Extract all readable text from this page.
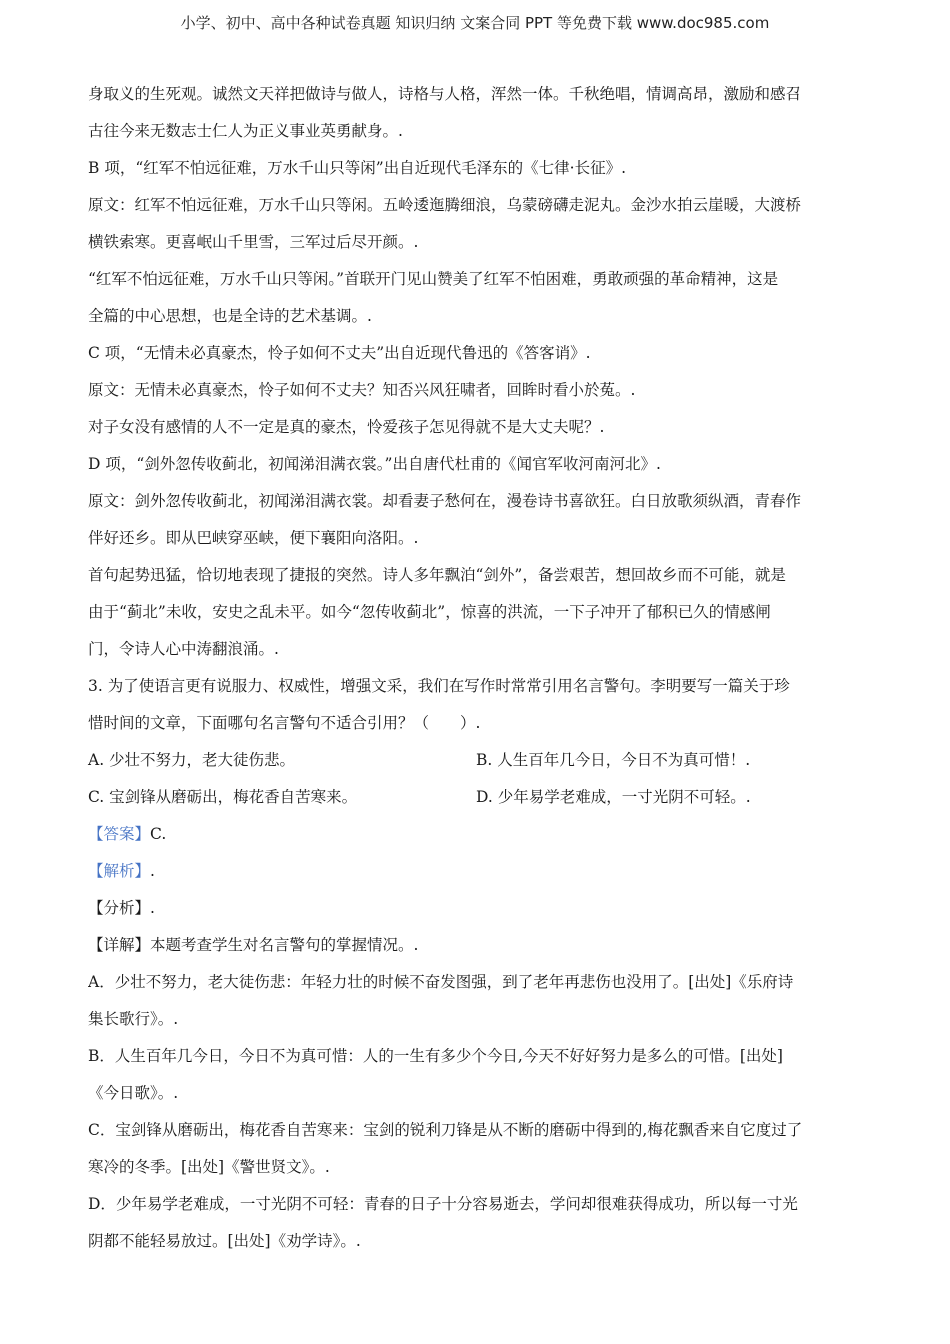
小学、初中、高中各种试卷真题 知识归纳 文案合同 PPT 等免费下载 www.doc985.com

身取义的生死观。诚然文天祥把做诗与做人，诗格与人格，浑然一体。千秋绝唱，情调高昂，激励和感召

古往今来无数志士仁人为正义事业英勇献身。.

B 项，“红军不怕远征难，万水千山只等闲”出自近现代毛泽东的《七律·长征》.

原文：红军不怕远征难，万水千山只等闲。五岭逶迤腾细浪，乌蒙磅礴走泥丸。金沙水拍云崖暖，大渡桥

横铁索寒。更喜岷山千里雪，三军过后尽开颜。.

“红军不怕远征难，万水千山只等闲。”首联开门见山赞美了红军不怕困难，勇敢顽强的革命精神，这是

全篇的中心思想，也是全诗的艺术基调。.

C 项，“无情未必真豪杰，怜子如何不丈夫”出自近现代鲁迅的《答客诮》.

原文：无情未必真豪杰，怜子如何不丈夫？知否兴风狂啸者，回眸时看小於菟。.

对子女没有感情的人不一定是真的豪杰，怜爱孩子怎见得就不是大丈夫呢？.

D 项，“剑外忽传收蓟北，初闻涕泪满衣裳。”出自唐代杜甫的《闻官军收河南河北》.

原文：剑外忽传收蓟北，初闻涕泪满衣裳。却看妻子愁何在，漫卷诗书喜欲狂。白日放歌须纵酒，青春作

伴好还乡。即从巴峡穿巫峡，便下襄阳向洛阳。.

首句起势迅猛，恰切地表现了捷报的突然。诗人多年飘泊“剑外”，备尝艰苦，想回故乡而不可能，就是

由于“蓟北”未收，安史之乱未平。如今“忽传收蓟北”，惊喜的洪流，一下子冲开了郁积已久的情感闸

门，令诗人心中涛翻浪涌。.

3. 为了使语言更有说服力、权威性，增强文采，我们在写作时常常引用名言警句。李明要写一篇关于珍

惜时间的文章，下面哪句名言警句不适合引用？（　　）.

A. 少壮不努力，老大徒伤悲。	B. 人生百年几今日，今日不为真可惜！.
C. 宝剑锋从磨砺出，梅花香自苦寒来。	D. 少年易学老难成，一寸光阴不可轻。.

【答案】C.

【解析】.

【分析】.

【详解】本题考查学生对名言警句的掌握情况。.

A．少壮不努力，老大徒伤悲：年轻力壮的时候不奋发图强，到了老年再悲伤也没用了。[出处]《乐府诗

集长歌行》。.

B．人生百年几今日，今日不为真可惜：人的一生有多少个今日,今天不好好努力是多么的可惜。[出处]

《今日歌》。.

C．宝剑锋从磨砺出，梅花香自苦寒来：宝剑的锐利刀锋是从不断的磨砺中得到的,梅花飘香来自它度过了

寒冷的冬季。[出处]《警世贤文》。.

D．少年易学老难成，一寸光阴不可轻：青春的日子十分容易逝去，学问却很难获得成功，所以每一寸光

阴都不能轻易放过。[出处]《劝学诗》。.
